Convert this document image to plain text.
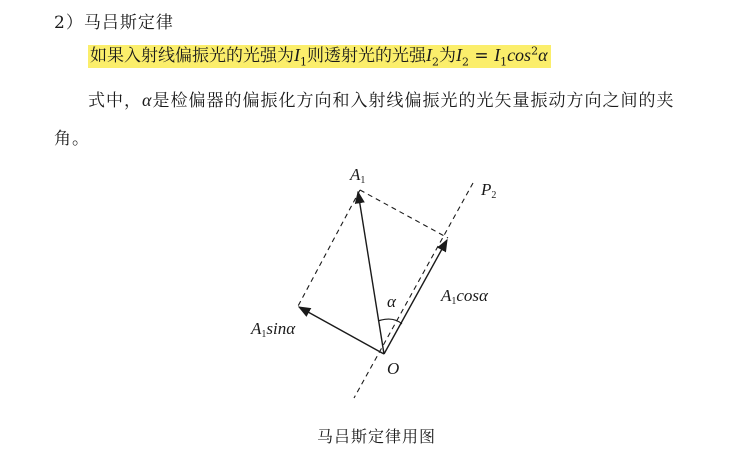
2）马吕斯定律
如果入射线偏振光的光强为$I_1$则透射光的光强$I_2$为$I_2 = I_1\cos^2\alpha$
式中，α是检偏器的偏振化方向和入射线偏振光的光矢量振动方向之间的夹
角。
A1	P2
α
O
A1cosα
A1sinα
马吕斯定律用图
